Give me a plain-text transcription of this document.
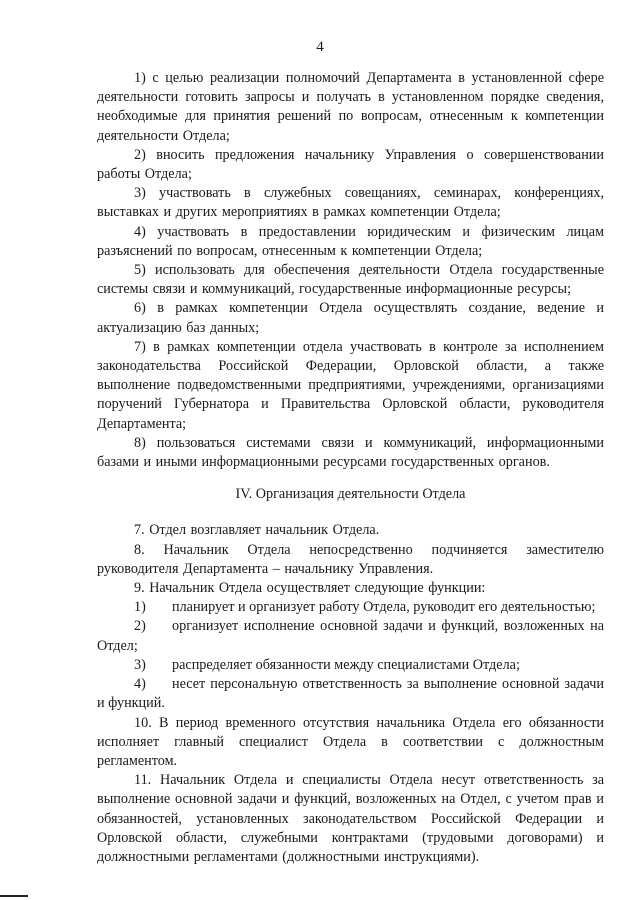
4

1) с целью реализации полномочий Департамента в установленной сфере деятельности готовить запросы и получать в установленном порядке сведения, необходимые для принятия решений по вопросам, отнесенным к компетенции деятельности Отдела;

2) вносить предложения начальнику Управления о совершенствовании работы Отдела;

3) участвовать в служебных совещаниях, семинарах, конференциях, выставках и других мероприятиях в рамках компетенции Отдела;

4) участвовать в предоставлении юридическим и физическим лицам разъяснений по вопросам, отнесенным к компетенции Отдела;

5) использовать для обеспечения деятельности Отдела государственные системы связи и коммуникаций, государственные информационные ресурсы;

6) в рамках компетенции Отдела осуществлять создание, ведение и актуализацию баз данных;

7) в рамках компетенции отдела участвовать в контроле за исполнением законодательства Российской Федерации, Орловской области, а также выполнение подведомственными предприятиями, учреждениями, организациями поручений Губернатора и Правительства Орловской области, руководителя Департамента;

8) пользоваться системами связи и коммуникаций, информационными базами и иными информационными ресурсами государственных органов.

IV. Организация деятельности Отдела

7. Отдел возглавляет начальник Отдела.

8. Начальник Отдела непосредственно подчиняется заместителю руководителя Департамента – начальнику Управления.

9. Начальник Отдела осуществляет следующие функции:

1) планирует и организует работу Отдела, руководит его деятельностью;

2) организует исполнение основной задачи и функций, возложенных на Отдел;

3) распределяет обязанности между специалистами Отдела;

4) несет персональную ответственность за выполнение основной задачи и функций.

10. В период временного отсутствия начальника Отдела его обязанности исполняет главный специалист Отдела в соответствии с должностным регламентом.

11. Начальник Отдела и специалисты Отдела несут ответственность за выполнение основной задачи и функций, возложенных на Отдел, с учетом прав и обязанностей, установленных законодательством Российской Федерации и Орловской области, служебными контрактами (трудовыми договорами) и должностными регламентами (должностными инструкциями).
